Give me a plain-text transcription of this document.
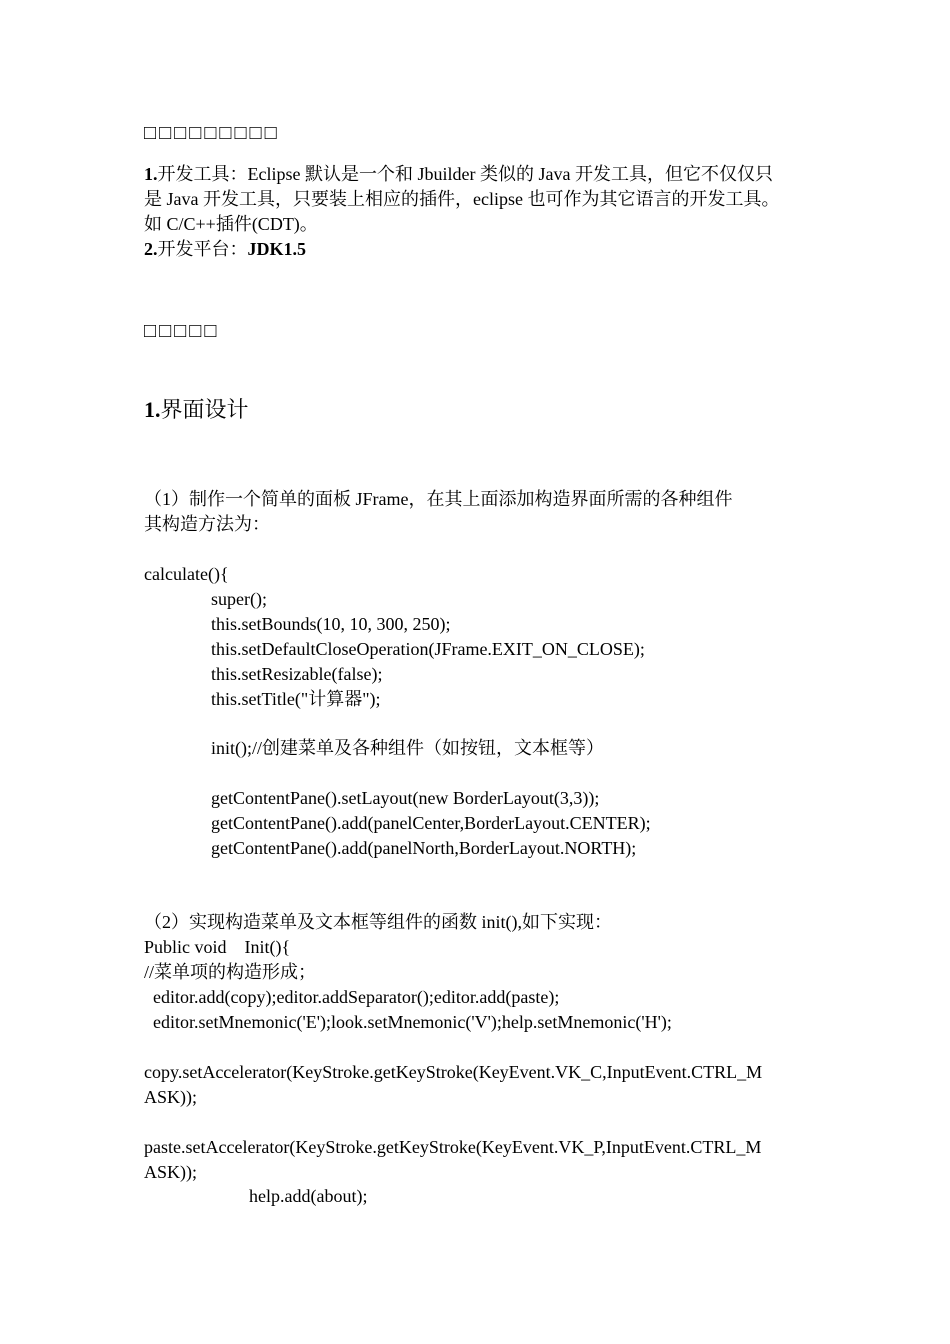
□□□□□□□□□
1.开发工具：Eclipse 默认是一个和 Jbuilder 类似的 Java 开发工具，但它不仅仅只
是 Java 开发工具，只要装上相应的插件，eclipse 也可作为其它语言的开发工具。
如 C/C++插件(CDT)。
2.开发平台：JDK1.5
□□□□□
1.界面设计
（1）制作一个简单的面板 JFrame，在其上面添加构造界面所需的各种组件
其构造方法为：
calculate(){
super();
this.setBounds(10, 10, 300, 250);
this.setDefaultCloseOperation(JFrame.EXIT_ON_CLOSE);
this.setResizable(false);
this.setTitle("计算器");
init();//创建菜单及各种组件（如按钮，文本框等）
getContentPane().setLayout(new BorderLayout(3,3));
getContentPane().add(panelCenter,BorderLayout.CENTER);
getContentPane().add(panelNorth,BorderLayout.NORTH);
（2）实现构造菜单及文本框等组件的函数 init(),如下实现：
Public void    Init(){
//菜单项的构造形成；
editor.add(copy);editor.addSeparator();editor.add(paste);
editor.setMnemonic('E');look.setMnemonic('V');help.setMnemonic('H');
copy.setAccelerator(KeyStroke.getKeyStroke(KeyEvent.VK_C,InputEvent.CTRL_M
ASK));
paste.setAccelerator(KeyStroke.getKeyStroke(KeyEvent.VK_P,InputEvent.CTRL_M
ASK));
help.add(about);
